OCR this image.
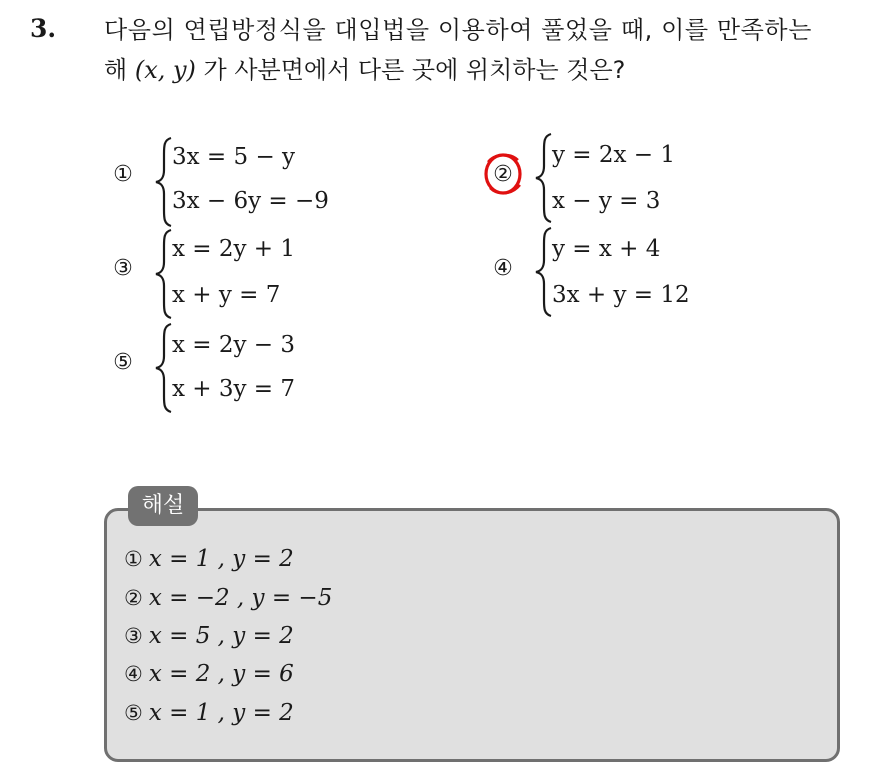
3. 다음의 연립방정식을 대입법을 이용하여 풀었을 때, 이를 만족하는
해 (x, y) 가 사분면에서 다른 곳에 위치하는 것은?
①
3x = 5 − y
3x − 6y = −9
②
y = 2x − 1
x − y = 3
③
x = 2y + 1
x + y = 7
④
y = x + 4
3x + y = 12
⑤
x = 2y − 3
x + 3y = 7
해설
① x = 1 , y = 2
② x = −2 , y = −5
③ x = 5 , y = 2
④ x = 2 , y = 6
⑤ x = 1 , y = 2
